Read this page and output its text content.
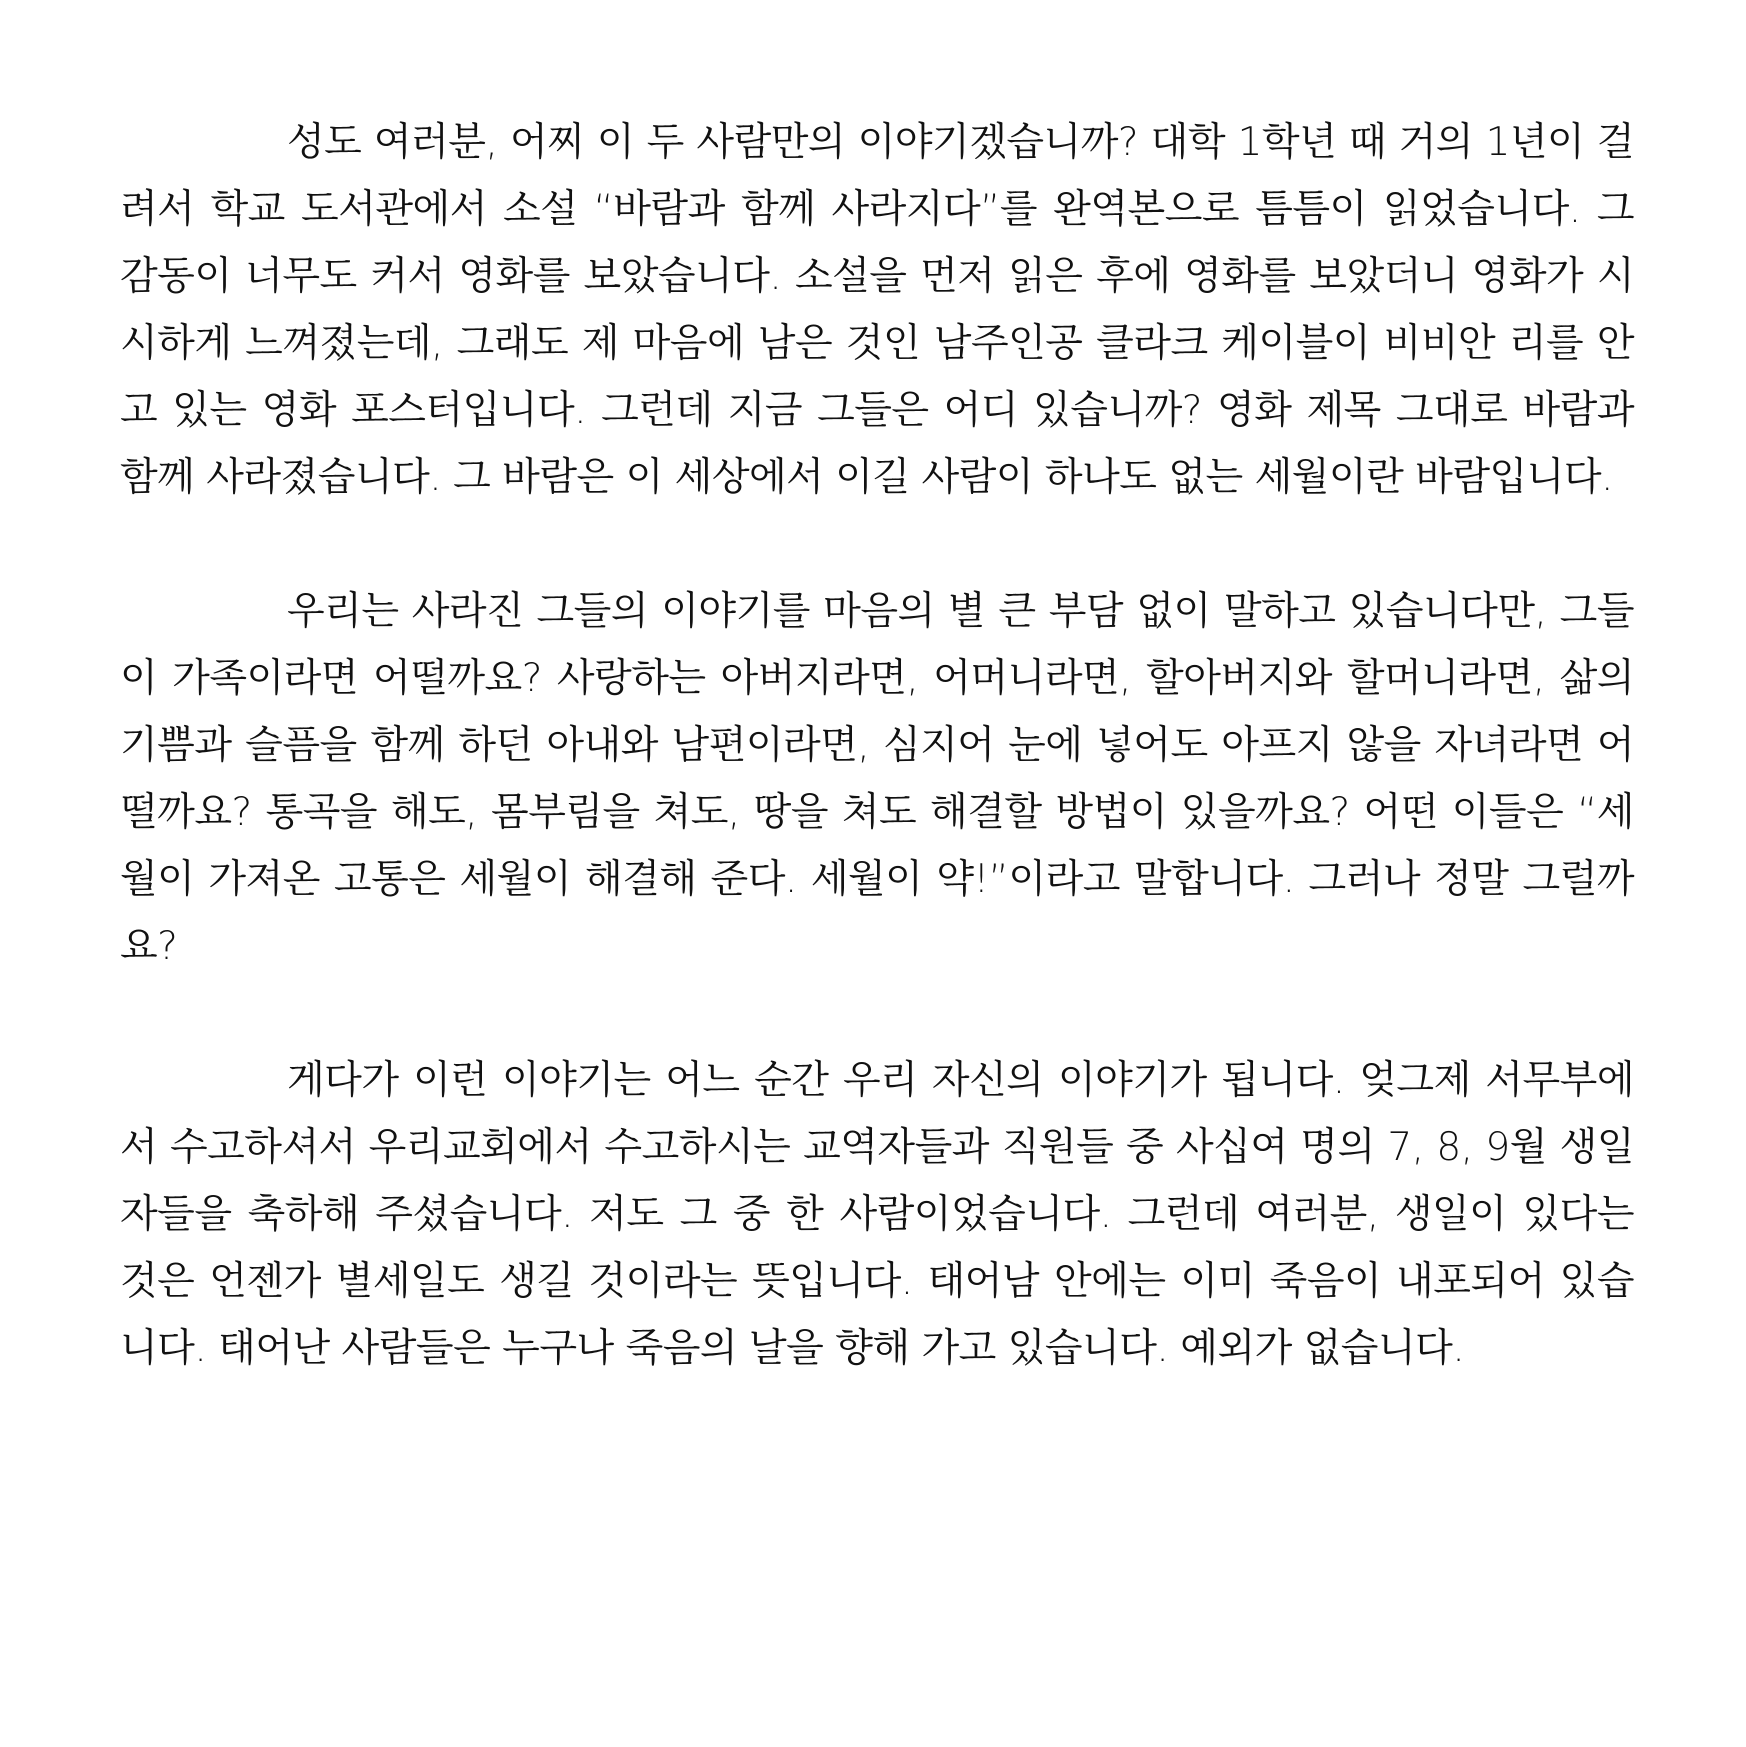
성도 여러분, 어찌 이 두 사람만의 이야기겠습니까? 대학 1학년 때 거의 1년이 걸려서 학교 도서관에서 소설 “바람과 함께 사라지다”를 완역본으로 틈틈이 읽었습니다. 그 감동이 너무도 커서 영화를 보았습니다. 소설을 먼저 읽은 후에 영화를 보았더니 영화가 시시하게 느껴졌는데, 그래도 제 마음에 남은 것인 남주인공 클라크 케이블이 비비안 리를 안고 있는 영화 포스터입니다. 그런데 지금 그들은 어디 있습니까? 영화 제목 그대로 바람과 함께 사라졌습니다. 그 바람은 이 세상에서 이길 사람이 하나도 없는 세월이란 바람입니다.

우리는 사라진 그들의 이야기를 마음의 별 큰 부담 없이 말하고 있습니다만, 그들이 가족이라면 어떨까요? 사랑하는 아버지라면, 어머니라면, 할아버지와 할머니라면, 삶의 기쁨과 슬픔을 함께 하던 아내와 남편이라면, 심지어 눈에 넣어도 아프지 않을 자녀라면 어떨까요? 통곡을 해도, 몸부림을 쳐도, 땅을 쳐도 해결할 방법이 있을까요? 어떤 이들은 “세월이 가져온 고통은 세월이 해결해 준다. 세월이 약!”이라고 말합니다. 그러나 정말 그럴까요?

게다가 이런 이야기는 어느 순간 우리 자신의 이야기가 됩니다. 엊그제 서무부에서 수고하셔서 우리교회에서 수고하시는 교역자들과 직원들 중 사십여 명의 7, 8, 9월 생일자들을 축하해 주셨습니다. 저도 그 중 한 사람이었습니다. 그런데 여러분, 생일이 있다는 것은 언젠가 별세일도 생길 것이라는 뜻입니다. 태어남 안에는 이미 죽음이 내포되어 있습니다. 태어난 사람들은 누구나 죽음의 날을 향해 가고 있습니다. 예외가 없습니다.
